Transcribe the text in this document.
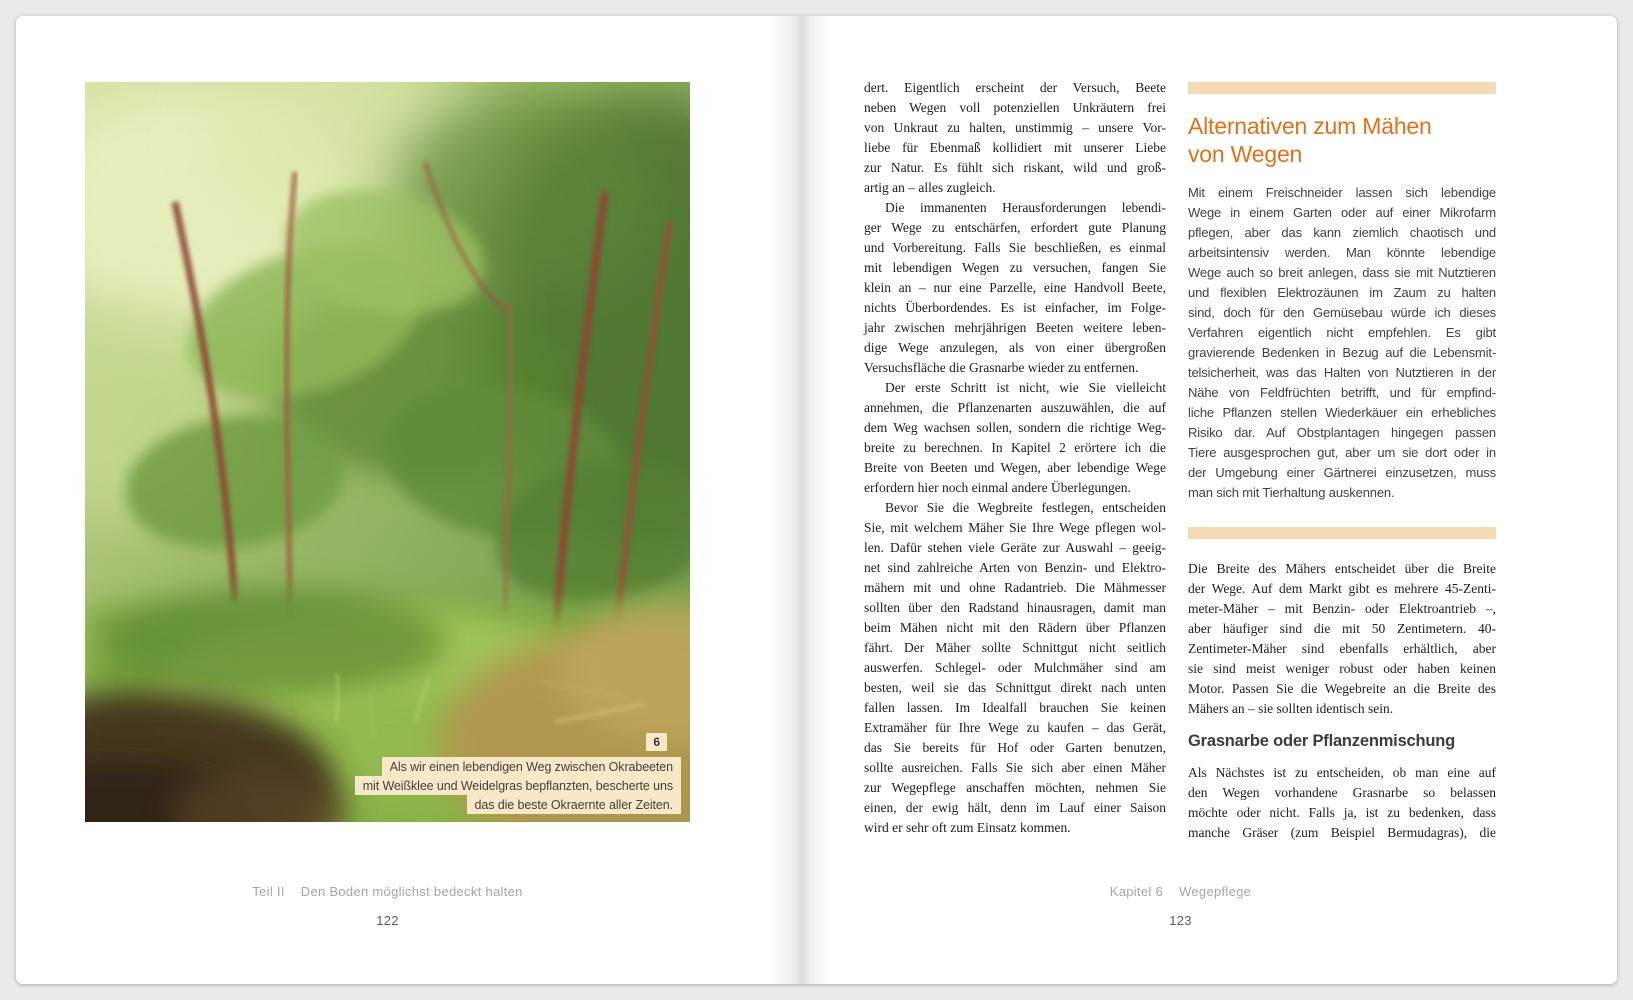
6
Als wir einen lebendigen Weg zwischen Okrabeeten
mit Weißklee und Weidelgras bepflanzten, bescherte uns
das die beste Okraernte aller Zeiten.
Teil II Den Boden möglichst bedeckt halten
122
dert. Eigentlich erscheint der Versuch, Beete
neben Wegen voll potenziellen Unkräutern frei
von Unkraut zu halten, unstimmig – unsere Vor-
liebe für Ebenmaß kollidiert mit unserer Liebe
zur Natur. Es fühlt sich riskant, wild und groß-
artig an – alles zugleich.
Die immanenten Herausforderungen lebendi-
ger Wege zu entschärfen, erfordert gute Planung
und Vorbereitung. Falls Sie beschließen, es einmal
mit lebendigen Wegen zu versuchen, fangen Sie
klein an – nur eine Parzelle, eine Handvoll Beete,
nichts Überbordendes. Es ist einfacher, im Folge-
jahr zwischen mehrjährigen Beeten weitere leben-
dige Wege anzulegen, als von einer übergroßen
Versuchsfläche die Grasnarbe wieder zu entfernen.
Der erste Schritt ist nicht, wie Sie vielleicht
annehmen, die Pflanzenarten auszuwählen, die auf
dem Weg wachsen sollen, sondern die richtige Weg-
breite zu berechnen. In Kapitel 2 erörtere ich die
Breite von Beeten und Wegen, aber lebendige Wege
erfordern hier noch einmal andere Überlegungen.
Bevor Sie die Wegbreite festlegen, entscheiden
Sie, mit welchem Mäher Sie Ihre Wege pflegen wol-
len. Dafür stehen viele Geräte zur Auswahl – geeig-
net sind zahlreiche Arten von Benzin- und Elektro-
mähern mit und ohne Radantrieb. Die Mähmesser
sollten über den Radstand hinausragen, damit man
beim Mähen nicht mit den Rädern über Pflanzen
fährt. Der Mäher sollte Schnittgut nicht seitlich
auswerfen. Schlegel- oder Mulchmäher sind am
besten, weil sie das Schnittgut direkt nach unten
fallen lassen. Im Idealfall brauchen Sie keinen
Extramäher für Ihre Wege zu kaufen – das Gerät,
das Sie bereits für Hof oder Garten benutzen,
sollte ausreichen. Falls Sie sich aber einen Mäher
zur Wegepflege anschaffen möchten, nehmen Sie
einen, der ewig hält, denn im Lauf einer Saison
wird er sehr oft zum Einsatz kommen.
Alternativen zum Mähen
von Wegen
Mit einem Freischneider lassen sich lebendige
Wege in einem Garten oder auf einer Mikrofarm
pflegen, aber das kann ziemlich chaotisch und
arbeitsintensiv werden. Man könnte lebendige
Wege auch so breit anlegen, dass sie mit Nutztieren
und flexiblen Elektrozäunen im Zaum zu halten
sind, doch für den Gemüsebau würde ich dieses
Verfahren eigentlich nicht empfehlen. Es gibt
gravierende Bedenken in Bezug auf die Lebensmit-
telsicherheit, was das Halten von Nutztieren in der
Nähe von Feldfrüchten betrifft, und für empfind-
liche Pflanzen stellen Wiederkäuer ein erhebliches
Risiko dar. Auf Obstplantagen hingegen passen
Tiere ausgesprochen gut, aber um sie dort oder in
der Umgebung einer Gärtnerei einzusetzen, muss
man sich mit Tierhaltung auskennen.
Die Breite des Mähers entscheidet über die Breite
der Wege. Auf dem Markt gibt es mehrere 45-Zenti-
meter-Mäher – mit Benzin- oder Elektroantrieb –,
aber häufiger sind die mit 50 Zentimetern. 40-
Zentimeter-Mäher sind ebenfalls erhältlich, aber
sie sind meist weniger robust oder haben keinen
Motor. Passen Sie die Wegebreite an die Breite des
Mähers an – sie sollten identisch sein.
Grasnarbe oder Pflanzenmischung
Als Nächstes ist zu entscheiden, ob man eine auf
den Wegen vorhandene Grasnarbe so belassen
möchte oder nicht. Falls ja, ist zu bedenken, dass
manche Gräser (zum Beispiel Bermudagras), die
Kapitel 6 Wegepflege
123
